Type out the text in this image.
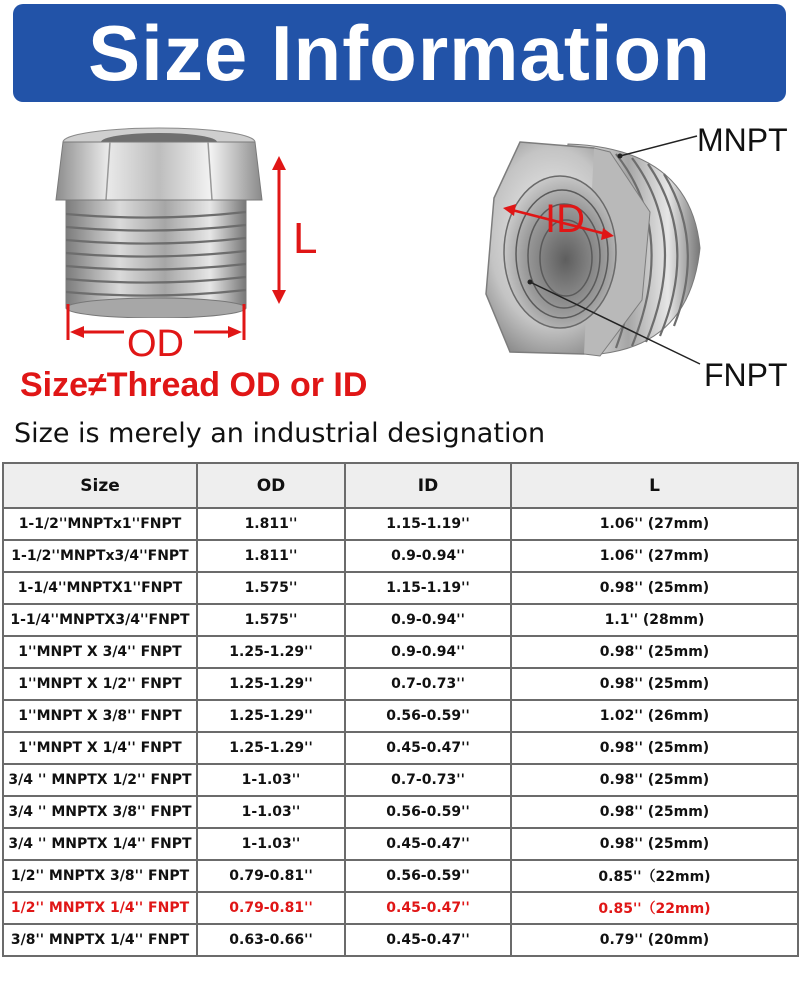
Size Information
L
OD
ID
MNPT
FNPT
Size≠Thread OD or ID
Size is merely an industrial designation
Size	OD	ID	L
1-1/2''MNPTx1''FNPT	1.811''	1.15-1.19''	1.06'' (27mm)
1-1/2''MNPTx3/4''FNPT	1.811''	0.9-0.94''	1.06'' (27mm)
1-1/4''MNPTX1''FNPT	1.575''	1.15-1.19''	0.98'' (25mm)
1-1/4''MNPTX3/4''FNPT	1.575''	0.9-0.94''	1.1'' (28mm)
1''MNPT X 3/4'' FNPT	1.25-1.29''	0.9-0.94''	0.98'' (25mm)
1''MNPT X 1/2'' FNPT	1.25-1.29''	0.7-0.73''	0.98'' (25mm)
1''MNPT X 3/8'' FNPT	1.25-1.29''	0.56-0.59''	1.02'' (26mm)
1''MNPT X 1/4'' FNPT	1.25-1.29''	0.45-0.47''	0.98'' (25mm)
3/4 '' MNPTX 1/2'' FNPT	1-1.03''	0.7-0.73''	0.98'' (25mm)
3/4 '' MNPTX 3/8'' FNPT	1-1.03''	0.56-0.59''	0.98'' (25mm)
3/4 '' MNPTX 1/4'' FNPT	1-1.03''	0.45-0.47''	0.98'' (25mm)
1/2'' MNPTX 3/8'' FNPT	0.79-0.81''	0.56-0.59''	0.85''（22mm)
1/2'' MNPTX 1/4'' FNPT	0.79-0.81''	0.45-0.47''	0.85''（22mm)
3/8'' MNPTX 1/4'' FNPT	0.63-0.66''	0.45-0.47''	0.79'' (20mm)
